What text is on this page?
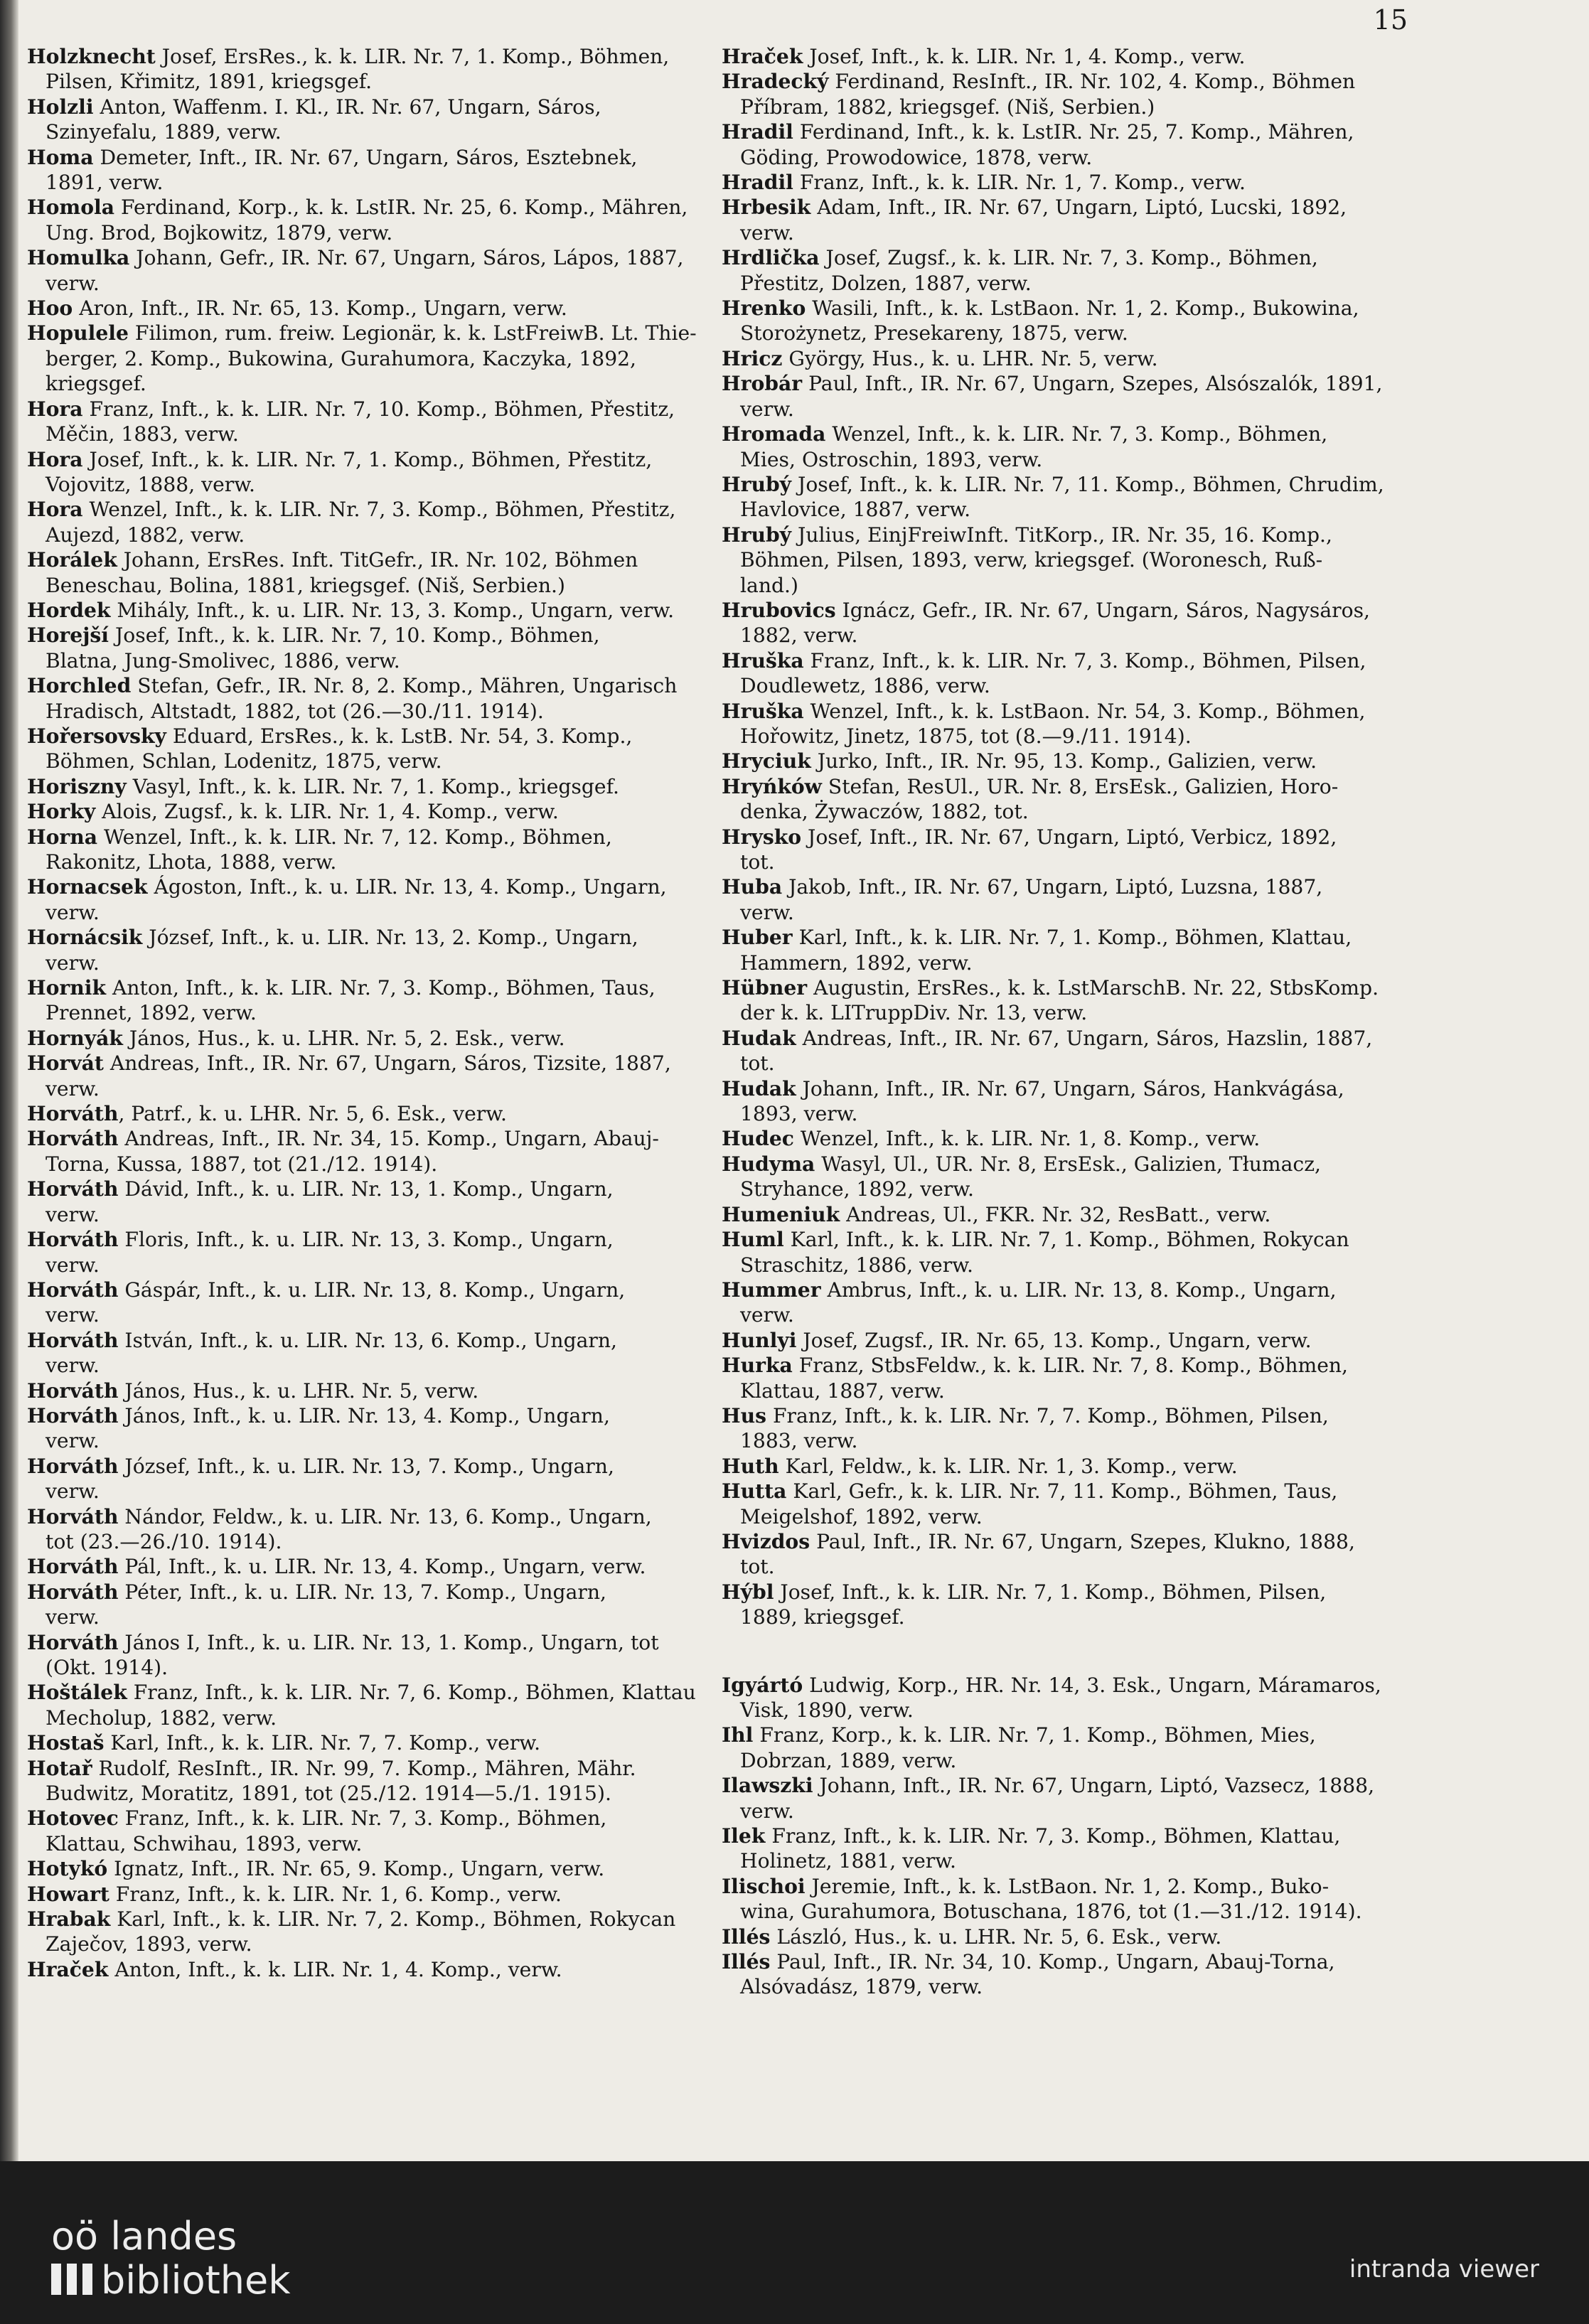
15
Holzknecht Josef, ErsRes., k. k. LIR. Nr. 7, 1. Komp., Böhmen,
Pilsen, Křimitz, 1891, kriegsgef.
Holzli Anton, Waffenm. I. Kl., IR. Nr. 67, Ungarn, Sáros,
Szinyefalu, 1889, verw.
Homa Demeter, Inft., IR. Nr. 67, Ungarn, Sáros, Esztebnek,
1891, verw.
Homola Ferdinand, Korp., k. k. LstIR. Nr. 25, 6. Komp., Mähren,
Ung. Brod, Bojkowitz, 1879, verw.
Homulka Johann, Gefr., IR. Nr. 67, Ungarn, Sáros, Lápos, 1887,
verw.
Hoo Aron, Inft., IR. Nr. 65, 13. Komp., Ungarn, verw.
Hopulele Filimon, rum. freiw. Legionär, k. k. LstFreiwB. Lt. Thie-
berger, 2. Komp., Bukowina, Gurahumora, Kaczyka, 1892,
kriegsgef.
Hora Franz, Inft., k. k. LIR. Nr. 7, 10. Komp., Böhmen, Přestitz,
Měčin, 1883, verw.
Hora Josef, Inft., k. k. LIR. Nr. 7, 1. Komp., Böhmen, Přestitz,
Vojovitz, 1888, verw.
Hora Wenzel, Inft., k. k. LIR. Nr. 7, 3. Komp., Böhmen, Přestitz,
Aujezd, 1882, verw.
Horálek Johann, ErsRes. Inft. TitGefr., IR. Nr. 102, Böhmen
Beneschau, Bolina, 1881, kriegsgef. (Niš, Serbien.)
Hordek Mihály, Inft., k. u. LIR. Nr. 13, 3. Komp., Ungarn, verw.
Horejší Josef, Inft., k. k. LIR. Nr. 7, 10. Komp., Böhmen,
Blatna, Jung-Smolivec, 1886, verw.
Horchled Stefan, Gefr., IR. Nr. 8, 2. Komp., Mähren, Ungarisch
Hradisch, Altstadt, 1882, tot (26.—30./11. 1914).
Hořersovsky Eduard, ErsRes., k. k. LstB. Nr. 54, 3. Komp.,
Böhmen, Schlan, Lodenitz, 1875, verw.
Horiszny Vasyl, Inft., k. k. LIR. Nr. 7, 1. Komp., kriegsgef.
Horky Alois, Zugsf., k. k. LIR. Nr. 1, 4. Komp., verw.
Horna Wenzel, Inft., k. k. LIR. Nr. 7, 12. Komp., Böhmen,
Rakonitz, Lhota, 1888, verw.
Hornacsek Ágoston, Inft., k. u. LIR. Nr. 13, 4. Komp., Ungarn,
verw.
Hornácsik József, Inft., k. u. LIR. Nr. 13, 2. Komp., Ungarn,
verw.
Hornik Anton, Inft., k. k. LIR. Nr. 7, 3. Komp., Böhmen, Taus,
Prennet, 1892, verw.
Hornyák János, Hus., k. u. LHR. Nr. 5, 2. Esk., verw.
Horvát Andreas, Inft., IR. Nr. 67, Ungarn, Sáros, Tizsite, 1887,
verw.
Horváth, Patrf., k. u. LHR. Nr. 5, 6. Esk., verw.
Horváth Andreas, Inft., IR. Nr. 34, 15. Komp., Ungarn, Abauj-
Torna, Kussa, 1887, tot (21./12. 1914).
Horváth Dávid, Inft., k. u. LIR. Nr. 13, 1. Komp., Ungarn,
verw.
Horváth Floris, Inft., k. u. LIR. Nr. 13, 3. Komp., Ungarn,
verw.
Horváth Gáspár, Inft., k. u. LIR. Nr. 13, 8. Komp., Ungarn,
verw.
Horváth István, Inft., k. u. LIR. Nr. 13, 6. Komp., Ungarn,
verw.
Horváth János, Hus., k. u. LHR. Nr. 5, verw.
Horváth János, Inft., k. u. LIR. Nr. 13, 4. Komp., Ungarn,
verw.
Horváth József, Inft., k. u. LIR. Nr. 13, 7. Komp., Ungarn,
verw.
Horváth Nándor, Feldw., k. u. LIR. Nr. 13, 6. Komp., Ungarn,
tot (23.—26./10. 1914).
Horváth Pál, Inft., k. u. LIR. Nr. 13, 4. Komp., Ungarn, verw.
Horváth Péter, Inft., k. u. LIR. Nr. 13, 7. Komp., Ungarn,
verw.
Horváth János I, Inft., k. u. LIR. Nr. 13, 1. Komp., Ungarn, tot
(Okt. 1914).
Hoštálek Franz, Inft., k. k. LIR. Nr. 7, 6. Komp., Böhmen, Klattau
Mecholup, 1882, verw.
Hostaš Karl, Inft., k. k. LIR. Nr. 7, 7. Komp., verw.
Hotař Rudolf, ResInft., IR. Nr. 99, 7. Komp., Mähren, Mähr.
Budwitz, Moratitz, 1891, tot (25./12. 1914—5./1. 1915).
Hotovec Franz, Inft., k. k. LIR. Nr. 7, 3. Komp., Böhmen,
Klattau, Schwihau, 1893, verw.
Hotykó Ignatz, Inft., IR. Nr. 65, 9. Komp., Ungarn, verw.
Howart Franz, Inft., k. k. LIR. Nr. 1, 6. Komp., verw.
Hrabak Karl, Inft., k. k. LIR. Nr. 7, 2. Komp., Böhmen, Rokycan
Zaječov, 1893, verw.
Hraček Anton, Inft., k. k. LIR. Nr. 1, 4. Komp., verw.
Hraček Josef, Inft., k. k. LIR. Nr. 1, 4. Komp., verw.
Hradecký Ferdinand, ResInft., IR. Nr. 102, 4. Komp., Böhmen
Příbram, 1882, kriegsgef. (Niš, Serbien.)
Hradil Ferdinand, Inft., k. k. LstIR. Nr. 25, 7. Komp., Mähren,
Göding, Prowodowice, 1878, verw.
Hradil Franz, Inft., k. k. LIR. Nr. 1, 7. Komp., verw.
Hrbesik Adam, Inft., IR. Nr. 67, Ungarn, Liptó, Lucski, 1892,
verw.
Hrdlička Josef, Zugsf., k. k. LIR. Nr. 7, 3. Komp., Böhmen,
Přestitz, Dolzen, 1887, verw.
Hrenko Wasili, Inft., k. k. LstBaon. Nr. 1, 2. Komp., Bukowina,
Storożynetz, Presekareny, 1875, verw.
Hricz György, Hus., k. u. LHR. Nr. 5, verw.
Hrobár Paul, Inft., IR. Nr. 67, Ungarn, Szepes, Alsószalók, 1891,
verw.
Hromada Wenzel, Inft., k. k. LIR. Nr. 7, 3. Komp., Böhmen,
Mies, Ostroschin, 1893, verw.
Hrubý Josef, Inft., k. k. LIR. Nr. 7, 11. Komp., Böhmen, Chrudim,
Havlovice, 1887, verw.
Hrubý Julius, EinjFreiwInft. TitKorp., IR. Nr. 35, 16. Komp.,
Böhmen, Pilsen, 1893, verw, kriegsgef. (Woronesch, Ruß-
land.)
Hrubovics Ignácz, Gefr., IR. Nr. 67, Ungarn, Sáros, Nagysáros,
1882, verw.
Hruška Franz, Inft., k. k. LIR. Nr. 7, 3. Komp., Böhmen, Pilsen,
Doudlewetz, 1886, verw.
Hruška Wenzel, Inft., k. k. LstBaon. Nr. 54, 3. Komp., Böhmen,
Hořowitz, Jinetz, 1875, tot (8.—9./11. 1914).
Hryciuk Jurko, Inft., IR. Nr. 95, 13. Komp., Galizien, verw.
Hryńków Stefan, ResUl., UR. Nr. 8, ErsEsk., Galizien, Horo-
denka, Żywaczów, 1882, tot.
Hrysko Josef, Inft., IR. Nr. 67, Ungarn, Liptó, Verbicz, 1892,
tot.
Huba Jakob, Inft., IR. Nr. 67, Ungarn, Liptó, Luzsna, 1887,
verw.
Huber Karl, Inft., k. k. LIR. Nr. 7, 1. Komp., Böhmen, Klattau,
Hammern, 1892, verw.
Hübner Augustin, ErsRes., k. k. LstMarschB. Nr. 22, StbsKomp.
der k. k. LITruppDiv. Nr. 13, verw.
Hudak Andreas, Inft., IR. Nr. 67, Ungarn, Sáros, Hazslin, 1887,
tot.
Hudak Johann, Inft., IR. Nr. 67, Ungarn, Sáros, Hankvágása,
1893, verw.
Hudec Wenzel, Inft., k. k. LIR. Nr. 1, 8. Komp., verw.
Hudyma Wasyl, Ul., UR. Nr. 8, ErsEsk., Galizien, Tłumacz,
Stryhance, 1892, verw.
Humeniuk Andreas, Ul., FKR. Nr. 32, ResBatt., verw.
Huml Karl, Inft., k. k. LIR. Nr. 7, 1. Komp., Böhmen, Rokycan
Straschitz, 1886, verw.
Hummer Ambrus, Inft., k. u. LIR. Nr. 13, 8. Komp., Ungarn,
verw.
Hunlyi Josef, Zugsf., IR. Nr. 65, 13. Komp., Ungarn, verw.
Hurka Franz, StbsFeldw., k. k. LIR. Nr. 7, 8. Komp., Böhmen,
Klattau, 1887, verw.
Hus Franz, Inft., k. k. LIR. Nr. 7, 7. Komp., Böhmen, Pilsen,
1883, verw.
Huth Karl, Feldw., k. k. LIR. Nr. 1, 3. Komp., verw.
Hutta Karl, Gefr., k. k. LIR. Nr. 7, 11. Komp., Böhmen, Taus,
Meigelshof, 1892, verw.
Hvizdos Paul, Inft., IR. Nr. 67, Ungarn, Szepes, Klukno, 1888,
tot.
Hýbl Josef, Inft., k. k. LIR. Nr. 7, 1. Komp., Böhmen, Pilsen,
1889, kriegsgef.
Igyártó Ludwig, Korp., HR. Nr. 14, 3. Esk., Ungarn, Máramaros,
Visk, 1890, verw.
Ihl Franz, Korp., k. k. LIR. Nr. 7, 1. Komp., Böhmen, Mies,
Dobrzan, 1889, verw.
Ilawszki Johann, Inft., IR. Nr. 67, Ungarn, Liptó, Vazsecz, 1888,
verw.
Ilek Franz, Inft., k. k. LIR. Nr. 7, 3. Komp., Böhmen, Klattau,
Holinetz, 1881, verw.
Ilischoi Jeremie, Inft., k. k. LstBaon. Nr. 1, 2. Komp., Buko-
wina, Gurahumora, Botuschana, 1876, tot (1.—31./12. 1914).
Illés László, Hus., k. u. LHR. Nr. 5, 6. Esk., verw.
Illés Paul, Inft., IR. Nr. 34, 10. Komp., Ungarn, Abauj-Torna,
Alsóvadász, 1879, verw.
oö landes
bibliothek	intranda viewer
